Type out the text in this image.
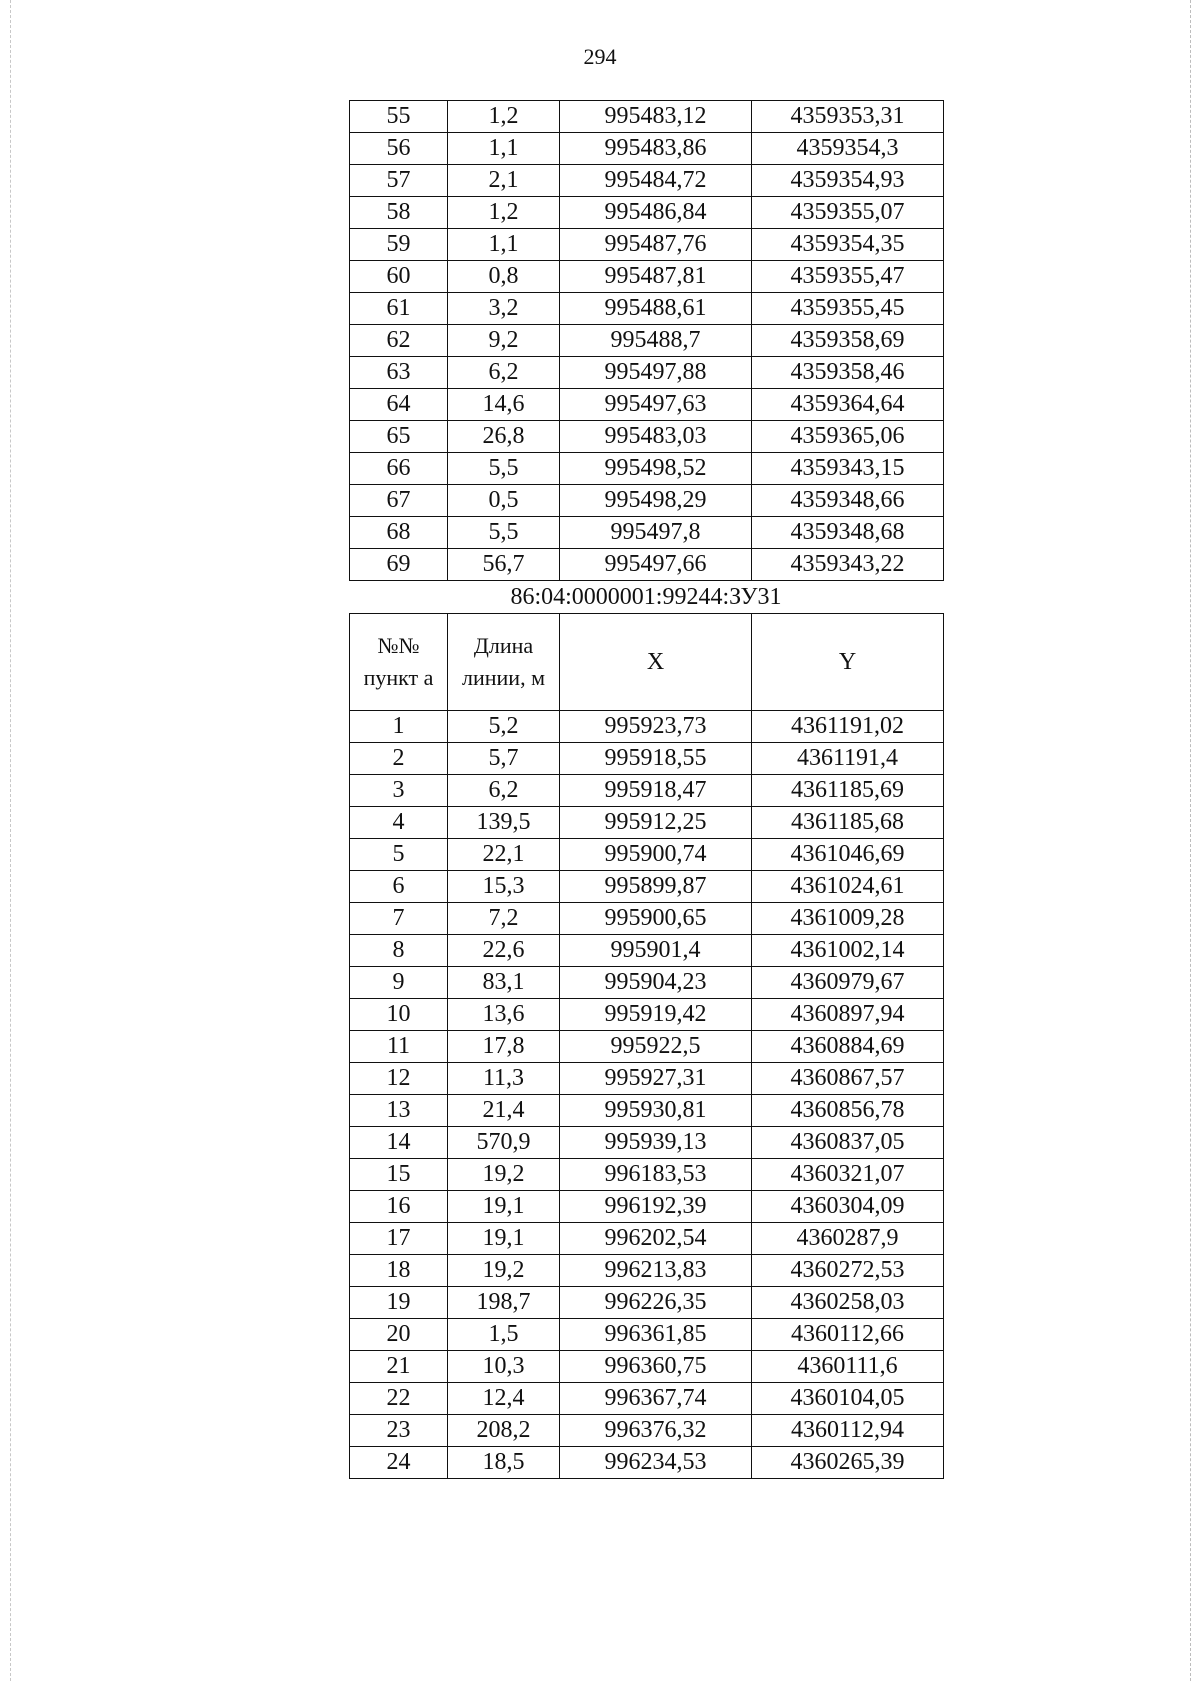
294
55	1,2	995483,12	4359353,31
56	1,1	995483,86	4359354,3
57	2,1	995484,72	4359354,93
58	1,2	995486,84	4359355,07
59	1,1	995487,76	4359354,35
60	0,8	995487,81	4359355,47
61	3,2	995488,61	4359355,45
62	9,2	995488,7	4359358,69
63	6,2	995497,88	4359358,46
64	14,6	995497,63	4359364,64
65	26,8	995483,03	4359365,06
66	5,5	995498,52	4359343,15
67	0,5	995498,29	4359348,66
68	5,5	995497,8	4359348,68
69	56,7	995497,66	4359343,22
86:04:0000001:99244:ЗУ31
№№ пункт а	Длина линии, м	X	Y
1	5,2	995923,73	4361191,02
2	5,7	995918,55	4361191,4
3	6,2	995918,47	4361185,69
4	139,5	995912,25	4361185,68
5	22,1	995900,74	4361046,69
6	15,3	995899,87	4361024,61
7	7,2	995900,65	4361009,28
8	22,6	995901,4	4361002,14
9	83,1	995904,23	4360979,67
10	13,6	995919,42	4360897,94
11	17,8	995922,5	4360884,69
12	11,3	995927,31	4360867,57
13	21,4	995930,81	4360856,78
14	570,9	995939,13	4360837,05
15	19,2	996183,53	4360321,07
16	19,1	996192,39	4360304,09
17	19,1	996202,54	4360287,9
18	19,2	996213,83	4360272,53
19	198,7	996226,35	4360258,03
20	1,5	996361,85	4360112,66
21	10,3	996360,75	4360111,6
22	12,4	996367,74	4360104,05
23	208,2	996376,32	4360112,94
24	18,5	996234,53	4360265,39
